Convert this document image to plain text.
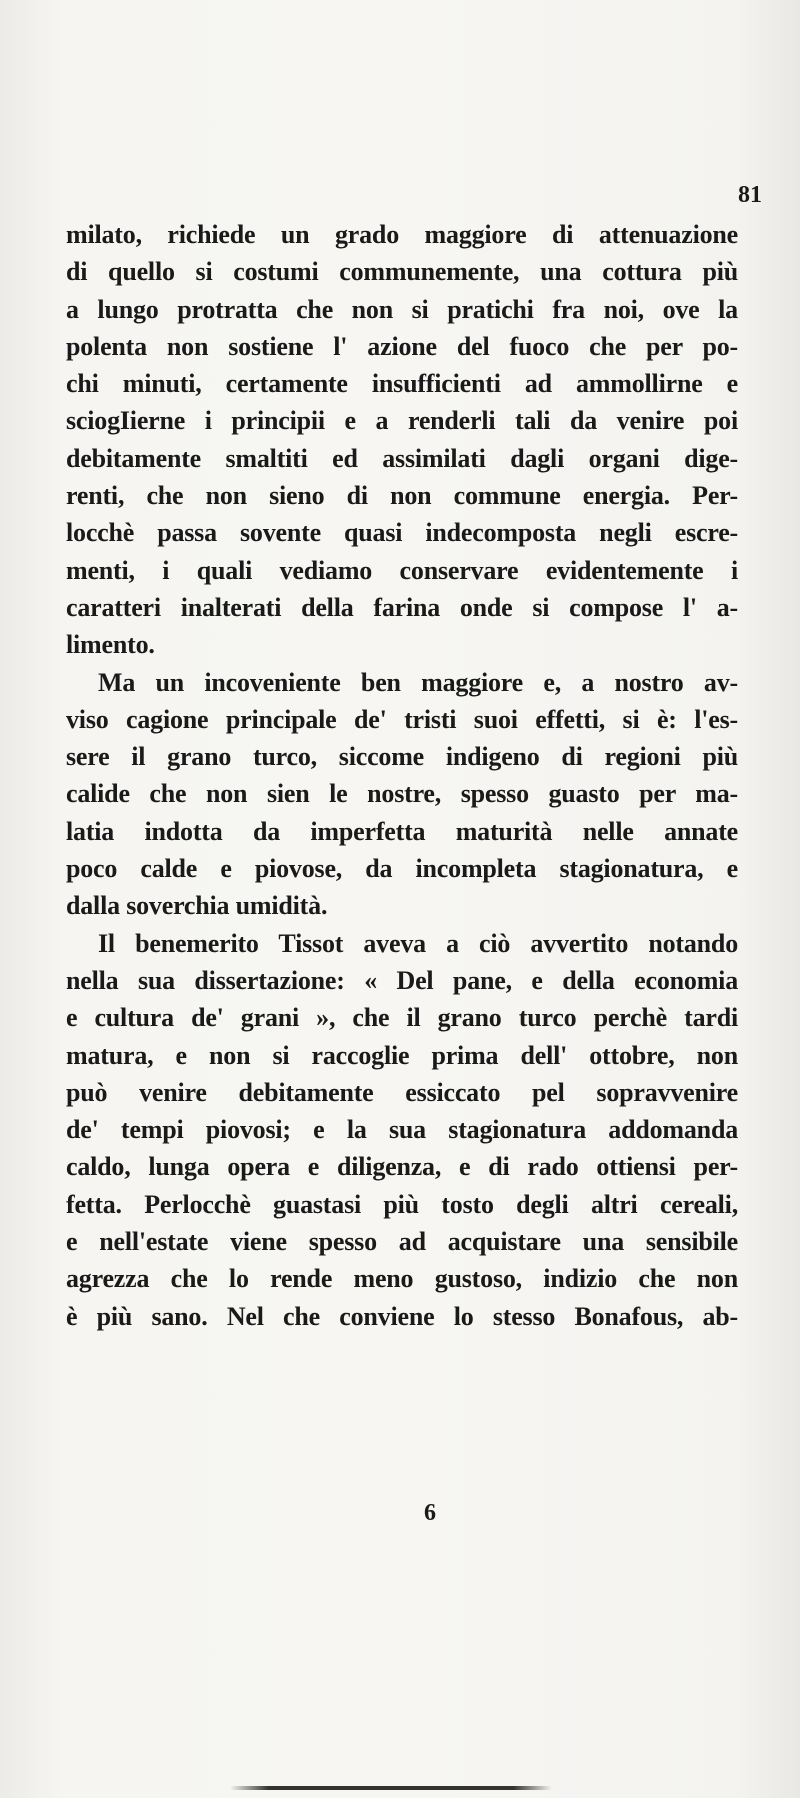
81
milato, richiede un grado maggiore di attenuazione
di quello si costumi communemente, una cottura più
a lungo protratta che non si pratichi fra noi, ove la
polenta non sostiene l' azione del fuoco che per po-
chi minuti, certamente insufficienti ad ammollirne e
sciogIierne i principii e a renderli tali da venire poi
debitamente smaltiti ed assimilati dagli organi dige-
renti, che non sieno di non commune energia. Per-
locchè passa sovente quasi indecomposta negli escre-
menti, i quali vediamo conservare evidentemente i
caratteri inalterati della farina onde si compose l' a-
limento.
Ma un incoveniente ben maggiore e, a nostro av-
viso cagione principale de' tristi suoi effetti, si è: l'es-
sere il grano turco, siccome indigeno di regioni più
calide che non sien le nostre, spesso guasto per ma-
latia indotta da imperfetta maturità nelle annate
poco calde e piovose, da incompleta stagionatura, e
dalla soverchia umidità.
Il benemerito Tissot aveva a ciò avvertito notando
nella sua dissertazione: « Del pane, e della economia
e cultura de' grani », che il grano turco perchè tardi
matura, e non si raccoglie prima dell' ottobre, non
può venire debitamente essiccato pel sopravvenire
de' tempi piovosi; e la sua stagionatura addomanda
caldo, lunga opera e diligenza, e di rado ottiensi per-
fetta. Perlocchè guastasi più tosto degli altri cereali,
e nell'estate viene spesso ad acquistare una sensibile
agrezza che lo rende meno gustoso, indizio che non
è più sano. Nel che conviene lo stesso Bonafous, ab-
6
